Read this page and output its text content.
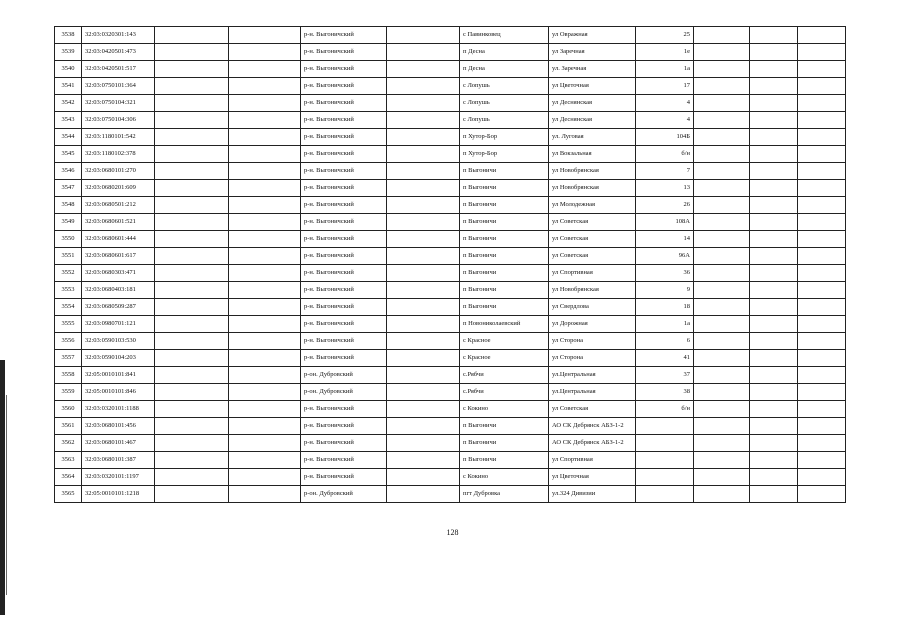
3538	32:03:0320301:143			р-н. Выгоничский		с Павинковец	ул Овражная	25			
3539	32:03:0420501:473			р-н. Выгоничский		п Десна	ул Заречная	1е			
3540	32:03:0420501:517			р-н. Выгоничский		п Десна	ул. Заречная	1а			
3541	32:03:0750101:364			р-н. Выгоничский		с Лопушь	ул Цветочная	17			
3542	32:03:0750104:321			р-н. Выгоничский		с Лопушь	ул Деснянская	4			
3543	32:03:0750104:306			р-н. Выгоничский		с Лопушь	ул Деснянская	4			
3544	32:03:1180101:542			р-н. Выгоничский		п Хутор-Бор	ул. Луговая	104Б			
3545	32:03:1180102:378			р-н. Выгоничский		п Хутор-Бор	ул Вокзальная	б/н			
3546	32:03:0680101:270			р-н. Выгоничский		п Выгоничи	ул Новобрянская	7			
3547	32:03:0680201:609			р-н. Выгоничский		п Выгоничи	ул Новобрянская	13			
3548	32:03:0680501:212			р-н. Выгоничский		п Выгоничи	ул Молодежная	26			
3549	32:03:0680601:521			р-н. Выгоничский		п Выгоничи	ул Советская	108А			
3550	32:03:0680601:444			р-н. Выгоничский		п Выгоничи	ул Советская	14			
3551	32:03:0680601:617			р-н. Выгоничский		п Выгоничи	ул Советская	96А			
3552	32:03:0680303:471			р-н. Выгоничский		п Выгоничи	ул Спортивная	36			
3553	32:03:0680403:181			р-н. Выгоничский		п Выгоничи	ул Новобрянская	9			
3554	32:03:0680509:287			р-н. Выгоничский		п Выгоничи	ул Свердлова	18			
3555	32:03:0980701:121			р-н. Выгоничский		п Новониколаевский	ул Дорожная	1а			
3556	32:03:0590103:530			р-н. Выгоничский		с Красное	ул Сторона	6			
3557	32:03:0590104:203			р-н. Выгоничский		с Красное	ул Сторона	41			
3558	32:05:0010101:841			р-он. Дубровский		с.Рябчи	ул.Центральная	37			
3559	32:05:0010101:846			р-он. Дубровский		с.Рябчи	ул.Центральная	38			
3560	32:03:0320101:1188			р-н. Выгоничский		с Кокино	ул Советская	б/н			
3561	32:03:0680101:456			р-н. Выгоничский		п Выгоничи	АО СК Дебрянск АБЗ-1-2				
3562	32:03:0680101:467			р-н. Выгоничский		п Выгоничи	АО СК Дебрянск АБЗ-1-2				
3563	32:03:0680101:387			р-н. Выгоничский		п Выгоничи	ул Спортивная				
3564	32:03:0320101:1197			р-н. Выгоничский		с Кокино	ул Цветочная				
3565	32:05:0010101:1218			р-он. Дубровский		пгт Дубровка	ул.324 Дивизии				
128
